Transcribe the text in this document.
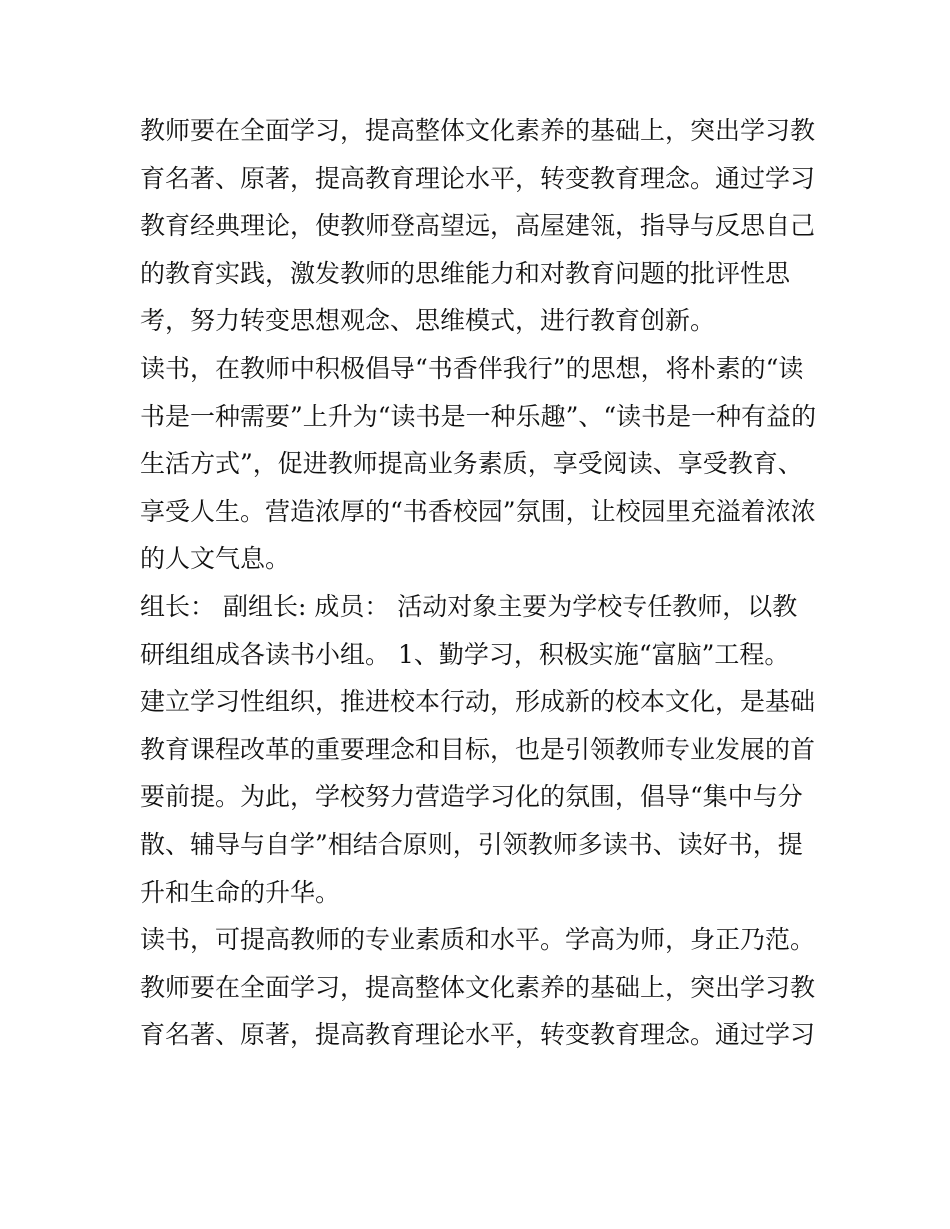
教师要在全面学习，提高整体文化素养的基础上，突出学习教
育名著、原著，提高教育理论水平，转变教育理念。通过学习
教育经典理论，使教师登高望远，高屋建瓴，指导与反思自己
的教育实践，激发教师的思维能力和对教育问题的批评性思
考，努力转变思想观念、思维模式，进行教育创新。
读书，在教师中积极倡导“书香伴我行”的思想，将朴素的“读
书是一种需要”上升为“读书是一种乐趣”、“读书是一种有益的
生活方式”，促进教师提高业务素质，享受阅读、享受教育、
享受人生。营造浓厚的“书香校园”氛围，让校园里充溢着浓浓
的人文气息。
组长： 副组长: 成员： 活动对象主要为学校专任教师，以教
研组组成各读书小组。 1、勤学习，积极实施“富脑”工程。
建立学习性组织，推进校本行动，形成新的校本文化，是基础
教育课程改革的重要理念和目标，也是引领教师专业发展的首
要前提。为此，学校努力营造学习化的氛围，倡导“集中与分
散、辅导与自学”相结合原则，引领教师多读书、读好书，提
升和生命的升华。
读书，可提高教师的专业素质和水平。学高为师，身正乃范。
教师要在全面学习，提高整体文化素养的基础上，突出学习教
育名著、原著，提高教育理论水平，转变教育理念。通过学习
